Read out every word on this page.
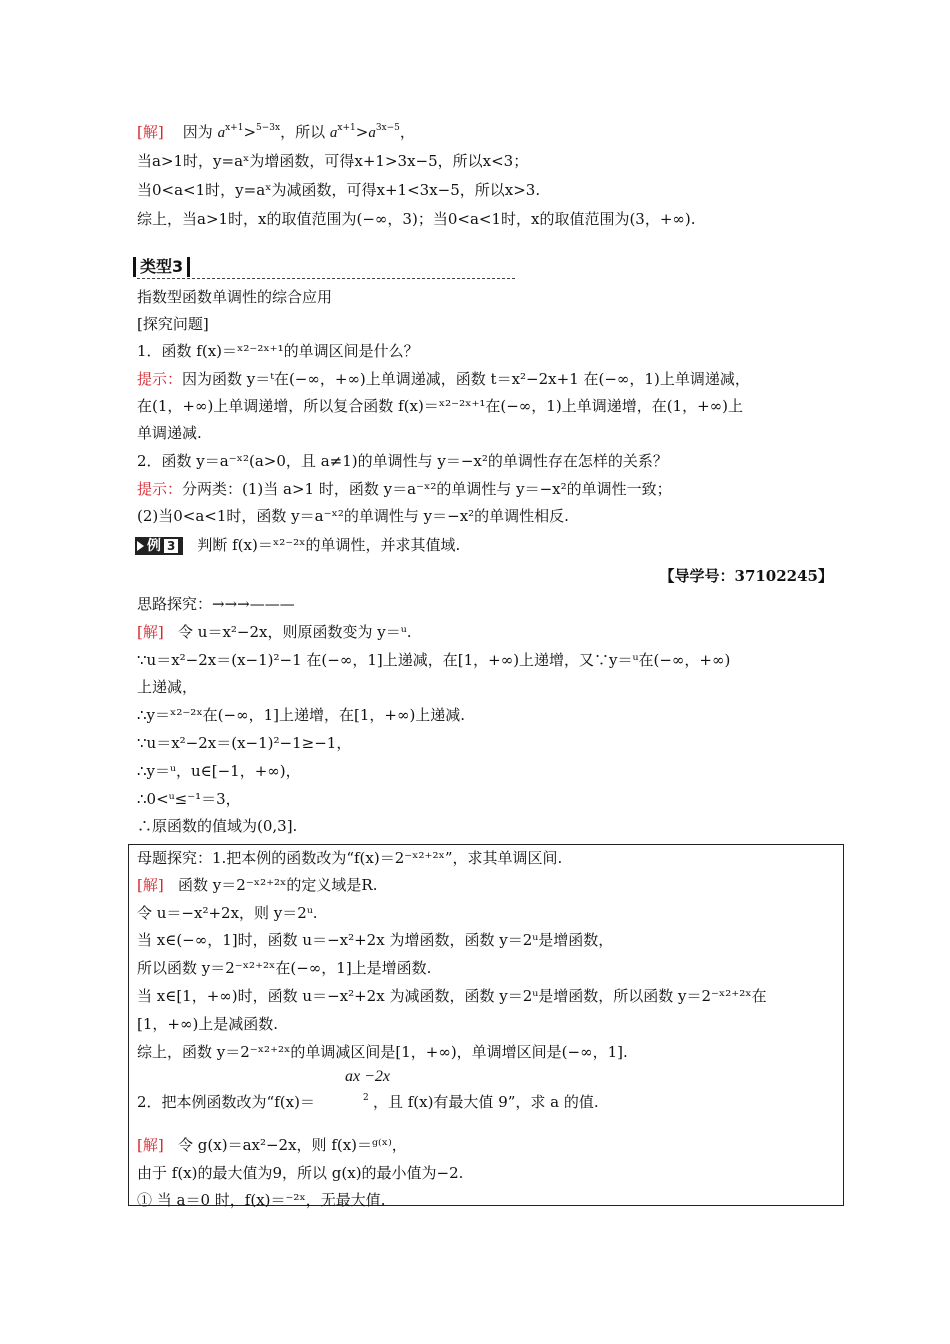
[解] 因为 $a^{x+1}>^{5-3x}$，所以 $a^{x+1}>a^{3x-5}$，
当a>1时，y=aˣ为增函数，可得x+1>3x−5，所以x<3；
当0<a<1时，y=aˣ为减函数，可得x+1<3x−5，所以x>3.
综上，当a>1时，x的取值范围为(−∞，3)；当0<a<1时，x的取值范围为(3，+∞).
类型3
指数型函数单调性的综合应用
[探究问题]
1．函数 f(x)＝ˣ²⁻²ˣ⁺¹的单调区间是什么？
提示：因为函数 y＝ᵗ在(−∞，+∞)上单调递减，函数 t＝x²−2x+1 在(−∞，1)上单调递减，
在(1，+∞)上单调递增，所以复合函数 f(x)＝ˣ²⁻²ˣ⁺¹在(−∞，1)上单调递增，在(1，+∞)上
单调递减.
2．函数 y＝a⁻ˣ²(a>0，且 a≠1)的单调性与 y＝−x²的单调性存在怎样的关系？
提示：分两类：(1)当 a>1 时，函数 y＝a⁻ˣ²的单调性与 y＝−x²的单调性一致；
(2)当0<a<1时，函数 y＝a⁻ˣ²的单调性与 y＝−x²的单调性相反.
例 3 判断 f(x)＝ˣ²⁻²ˣ的单调性，并求其值域.
【导学号：37102245】
思路探究：→→→———
[解] 令 u＝x²−2x，则原函数变为 y＝ᵘ.
∵u＝x²−2x＝(x−1)²−1 在(−∞，1]上递减，在[1，+∞)上递增，又∵y＝ᵘ在(−∞，+∞)
上递减，
∴y＝ˣ²⁻²ˣ在(−∞，1]上递增，在[1，+∞)上递减.
∵u＝x²−2x＝(x−1)²−1≥−1，
∴y＝ᵘ，u∈[−1，+∞)，
∴0<ᵘ≤⁻¹＝3，
∴原函数的值域为(0,3].
母题探究：1.把本例的函数改为“f(x)＝2⁻ˣ²⁺²ˣ”，求其单调区间.
[解] 函数 y＝2⁻ˣ²⁺²ˣ的定义域是R.
令 u＝−x²+2x，则 y＝2ᵘ.
当 x∈(−∞，1]时，函数 u＝−x²+2x 为增函数，函数 y＝2ᵘ是增函数，
所以函数 y＝2⁻ˣ²⁺²ˣ在(−∞，1]上是增函数.
当 x∈[1，+∞)时，函数 u＝−x²+2x 为减函数，函数 y＝2ᵘ是增函数，所以函数 y＝2⁻ˣ²⁺²ˣ在
[1，+∞)上是减函数.
综上，函数 y＝2⁻ˣ²⁺²ˣ的单调减区间是[1，+∞)，单调增区间是(−∞，1].
ax −2x
2
2．把本例函数改为“f(x)＝	，且 f(x)有最大值 9”，求 a 的值.
[解] 令 g(x)＝ax²−2x，则 f(x)＝ᵍ⁽ˣ⁾，
由于 f(x)的最大值为9，所以 g(x)的最小值为−2.
① 当 a＝0 时，f(x)＝⁻²ˣ，无最大值.
